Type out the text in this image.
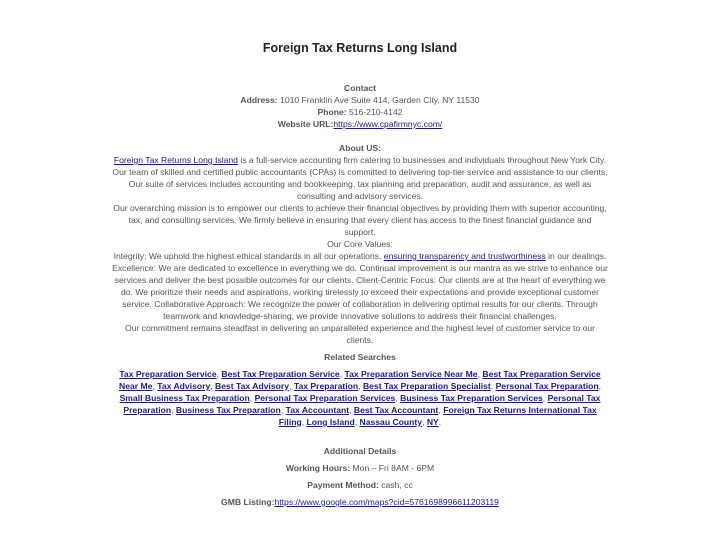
Foreign Tax Returns Long Island
Contact
Address: 1010 Franklin Ave Suite 414, Garden City, NY 11530
Phone: 516-210-4142
Website URL:https://www.cpafirmnyc.com/
About US:

Foreign Tax Returns Long Island is a full-service accounting firm catering to businesses and individuals throughout New York City. Our team of skilled and certified public accountants (CPAs) is committed to delivering top-tier service and assistance to our clients.

Our suite of services includes accounting and bookkeeping, tax planning and preparation, audit and assurance, as well as consulting and advisory services.

Our overarching mission is to empower our clients to achieve their financial objectives by providing them with superior accounting, tax, and consulting services. We firmly believe in ensuring that every client has access to the finest financial guidance and support.

Our Core Values:

Integrity: We uphold the highest ethical standards in all our operations, ensuring transparency and trustworthiness in our dealings. Excellence: We are dedicated to excellence in everything we do. Continual improvement is our mantra as we strive to enhance our services and deliver the best possible outcomes for our clients. Client-Centric Focus: Our clients are at the heart of everything we do. We prioritize their needs and aspirations, working tirelessly to exceed their expectations and provide exceptional customer service. Collaborative Approach: We recognize the power of collaboration in delivering optimal results for our clients. Through teamwork and knowledge-sharing, we provide innovative solutions to address their financial challenges.

Our commitment remains steadfast in delivering an unparalleled experience and the highest level of customer service to our clients.

Related Searches

Tax Preparation Service, Best Tax Preparation Service, Tax Preparation Service Near Me, Best Tax Preparation Service Near Me, Tax Advisory, Best Tax Advisory, Tax Preparation, Best Tax Preparation Specialist, Personal Tax Preparation, Small Business Tax Preparation, Personal Tax Preparation Services, Business Tax Preparation Services, Personal Tax Preparation, Business Tax Preparation, Tax Accountant, Best Tax Accountant, Foreign Tax Returns International Tax Filing, Long Island, Nassau County, NY.

Additional Details
Working Hours: Mon – Fri 8AM - 6PM
Payment Method: cash, cc
GMB Listing:https://www.google.com/maps?cid=5761698996611203119
